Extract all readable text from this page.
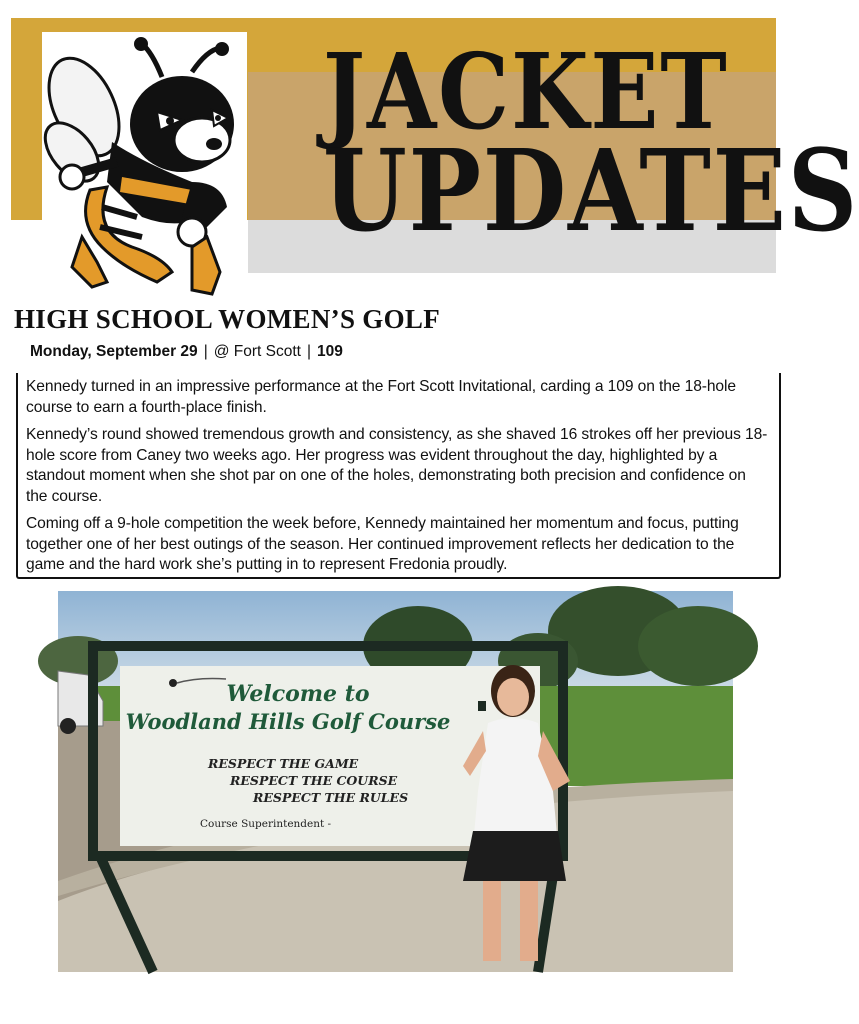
JACKET
UPDATES
HIGH SCHOOL WOMEN’S GOLF
Monday, September 29 | @ Fort Scott | 109

Kennedy turned in an impressive performance at the Fort Scott Invitational, carding a 109 on the 18-hole course to earn a fourth-place finish.

Kennedy’s round showed tremendous growth and consistency, as she shaved 16 strokes off her previous 18-hole score from Caney two weeks ago. Her progress was evident throughout the day, highlighted by a standout moment when she shot par on one of the holes, demonstrating both precision and confidence on the course.

Coming off a 9-hole competition the week before, Kennedy maintained her momentum and focus, putting together one of her best outings of the season. Her continued improvement reflects her dedication to the game and the hard work she’s putting in to represent Fredonia proudly.

Welcome to
Woodland Hills Golf Course
RESPECT THE GAME
RESPECT THE COURSE
RESPECT THE RULES
Course Superintendent -
